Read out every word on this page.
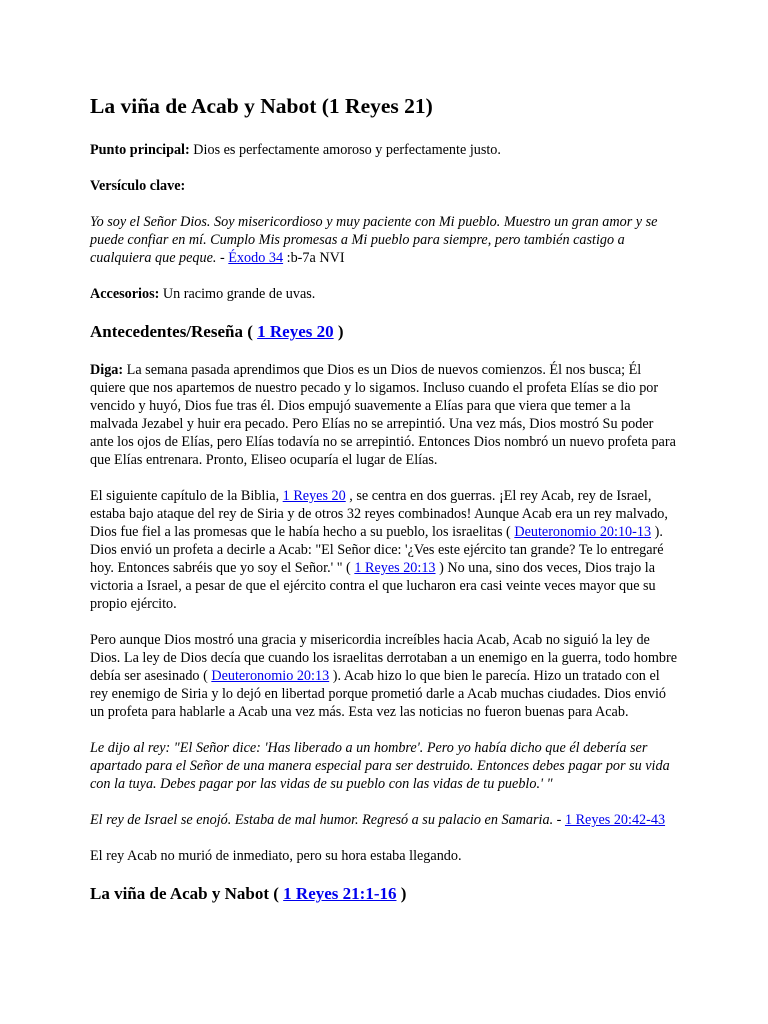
La viña de Acab y Nabot (1 Reyes 21)

Punto principal: Dios es perfectamente amoroso y perfectamente justo.

Versículo clave:

Yo soy el Señor Dios. Soy misericordioso y muy paciente con Mi pueblo. Muestro un gran amor y se puede confiar en mí. Cumplo Mis promesas a Mi pueblo para siempre, pero también castigo a cualquiera que peque. - Éxodo 34 :b-7a NVI

Accesorios: Un racimo grande de uvas.

Antecedentes/Reseña ( 1 Reyes 20 )

Diga: La semana pasada aprendimos que Dios es un Dios de nuevos comienzos. Él nos busca; Él quiere que nos apartemos de nuestro pecado y lo sigamos. Incluso cuando el profeta Elías se dio por vencido y huyó, Dios fue tras él. Dios empujó suavemente a Elías para que viera que temer a la malvada Jezabel y huir era pecado. Pero Elías no se arrepintió. Una vez más, Dios mostró Su poder ante los ojos de Elías, pero Elías todavía no se arrepintió. Entonces Dios nombró un nuevo profeta para que Elías entrenara. Pronto, Eliseo ocuparía el lugar de Elías.

El siguiente capítulo de la Biblia, 1 Reyes 20 , se centra en dos guerras. ¡El rey Acab, rey de Israel, estaba bajo ataque del rey de Siria y de otros 32 reyes combinados! Aunque Acab era un rey malvado, Dios fue fiel a las promesas que le había hecho a su pueblo, los israelitas ( Deuteronomio 20:10-13 ). Dios envió un profeta a decirle a Acab: "El Señor dice: '¿Ves este ejército tan grande? Te lo entregaré hoy. Entonces sabréis que yo soy el Señor.' " ( 1 Reyes 20:13 ) No una, sino dos veces, Dios trajo la victoria a Israel, a pesar de que el ejército contra el que lucharon era casi veinte veces mayor que su propio ejército.

Pero aunque Dios mostró una gracia y misericordia increíbles hacia Acab, Acab no siguió la ley de Dios. La ley de Dios decía que cuando los israelitas derrotaban a un enemigo en la guerra, todo hombre debía ser asesinado ( Deuteronomio 20:13 ). Acab hizo lo que bien le parecía. Hizo un tratado con el rey enemigo de Siria y lo dejó en libertad porque prometió darle a Acab muchas ciudades. Dios envió un profeta para hablarle a Acab una vez más. Esta vez las noticias no fueron buenas para Acab.

Le dijo al rey: "El Señor dice: 'Has liberado a un hombre'. Pero yo había dicho que él debería ser apartado para el Señor de una manera especial para ser destruido. Entonces debes pagar por su vida con la tuya. Debes pagar por las vidas de su pueblo con las vidas de tu pueblo.' "

El rey de Israel se enojó. Estaba de mal humor. Regresó a su palacio en Samaria. - 1 Reyes 20:42-43

El rey Acab no murió de inmediato, pero su hora estaba llegando.

La viña de Acab y Nabot ( 1 Reyes 21:1-16 )
